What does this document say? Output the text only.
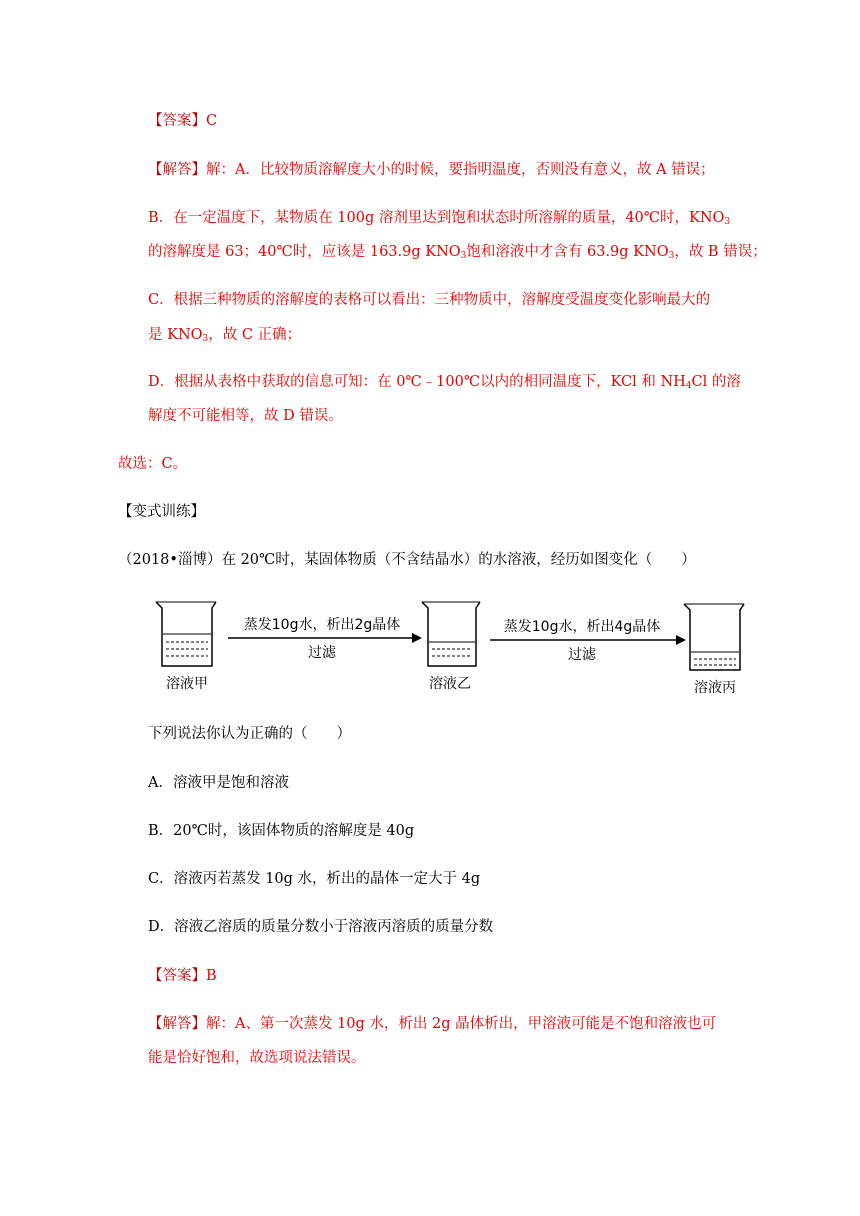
【答案】C
【解答】解：A．比较物质溶解度大小的时候，要指明温度，否则没有意义，故 A 错误；
B．在一定温度下，某物质在 100g 溶剂里达到饱和状态时所溶解的质量，40℃时，$KNO_3$
的溶解度是 63；40℃时，应该是 163.9g $KNO_3$饱和溶液中才含有 63.9g $KNO_3$，故 B 错误；
C．根据三种物质的溶解度的表格可以看出：三种物质中，溶解度受温度变化影响最大的
是 $KNO_3$，故 C 正确；
D．根据从表格中获取的信息可知：在 0℃﹣100℃以内的相同温度下，KCl 和 $NH_4Cl$ 的溶
解度不可能相等，故 D 错误。
故选：C。
【变式训练】
（2018•淄博）在 20℃时，某固体物质（不含结晶水）的水溶液，经历如图变化（　　）
溶液甲
蒸发10g水，析出2g晶体
过滤
溶液乙
蒸发10g水，析出4g晶体
过滤
溶液丙
下列说法你认为正确的（　　）
A．溶液甲是饱和溶液
B．20℃时，该固体物质的溶解度是 40g
C．溶液丙若蒸发 10g 水，析出的晶体一定大于 4g
D．溶液乙溶质的质量分数小于溶液丙溶质的质量分数
【答案】B
【解答】解：A、第一次蒸发 10g 水，析出 2g 晶体析出，甲溶液可能是不饱和溶液也可
能是恰好饱和，故选项说法错误。
